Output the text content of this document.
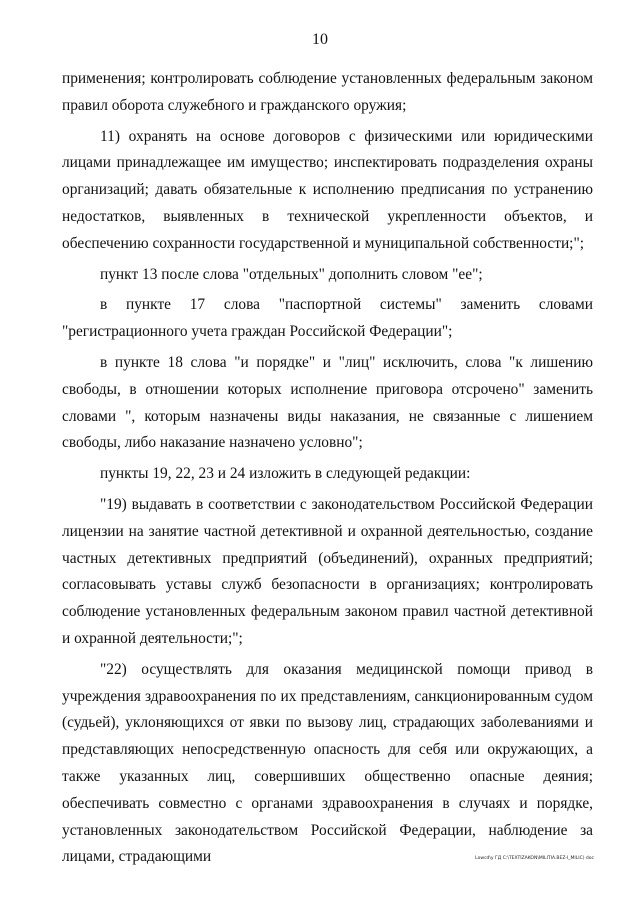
10

применения; контролировать соблюдение установленных федеральным законом правил оборота служебного и гражданского оружия;

11) охранять на основе договоров с физическими или юридическими лицами принадлежащее им имущество; инспектировать подразделения охраны организаций; давать обязательные к исполнению предписания по устранению недостатков, выявленных в технической укрепленности объектов, и обеспечению сохранности государственной и муниципальной собственности;";

пункт 13 после слова "отдельных" дополнить словом "ее";

в пункте 17 слова "паспортной системы" заменить словами "регистрационного учета граждан Российской Федерации";

в пункте 18 слова "и порядке" и "лиц" исключить, слова "к лишению свободы, в отношении которых исполнение приговора отсрочено" заменить словами ", которым назначены виды наказания, не связанные с лишением свободы, либо наказание назначено условно";

пункты 19, 22, 23 и 24 изложить в следующей редакции:

"19) выдавать в соответствии с законодательством Российской Федерации лицензии на занятие частной детективной и охранной деятельностью, создание частных детективных предприятий (объединений), охранных предприятий; согласовывать уставы служб безопасности в организациях; контролировать соблюдение установленных федеральным законом правил частной детективной и охранной деятельности;";

"22) осуществлять для оказания медицинской помощи привод в учреждения здравоохранения по их представлениям, санкционированным судом (судьей), уклоняющихся от явки по вызову лиц, страдающих заболеваниями и представляющих непосредственную опасность для себя или окружающих, а также указанных лиц, совершивших общественно опасные деяния; обеспечивать совместно с органами здравоохранения в случаях и порядке, установленных законодательством Российской Федерации, наблюдение за лицами, страдающими	Lоwcd\y ГД C:\TEXTIZAKON\MILITIA.BEZ-I_MILIC) doc
